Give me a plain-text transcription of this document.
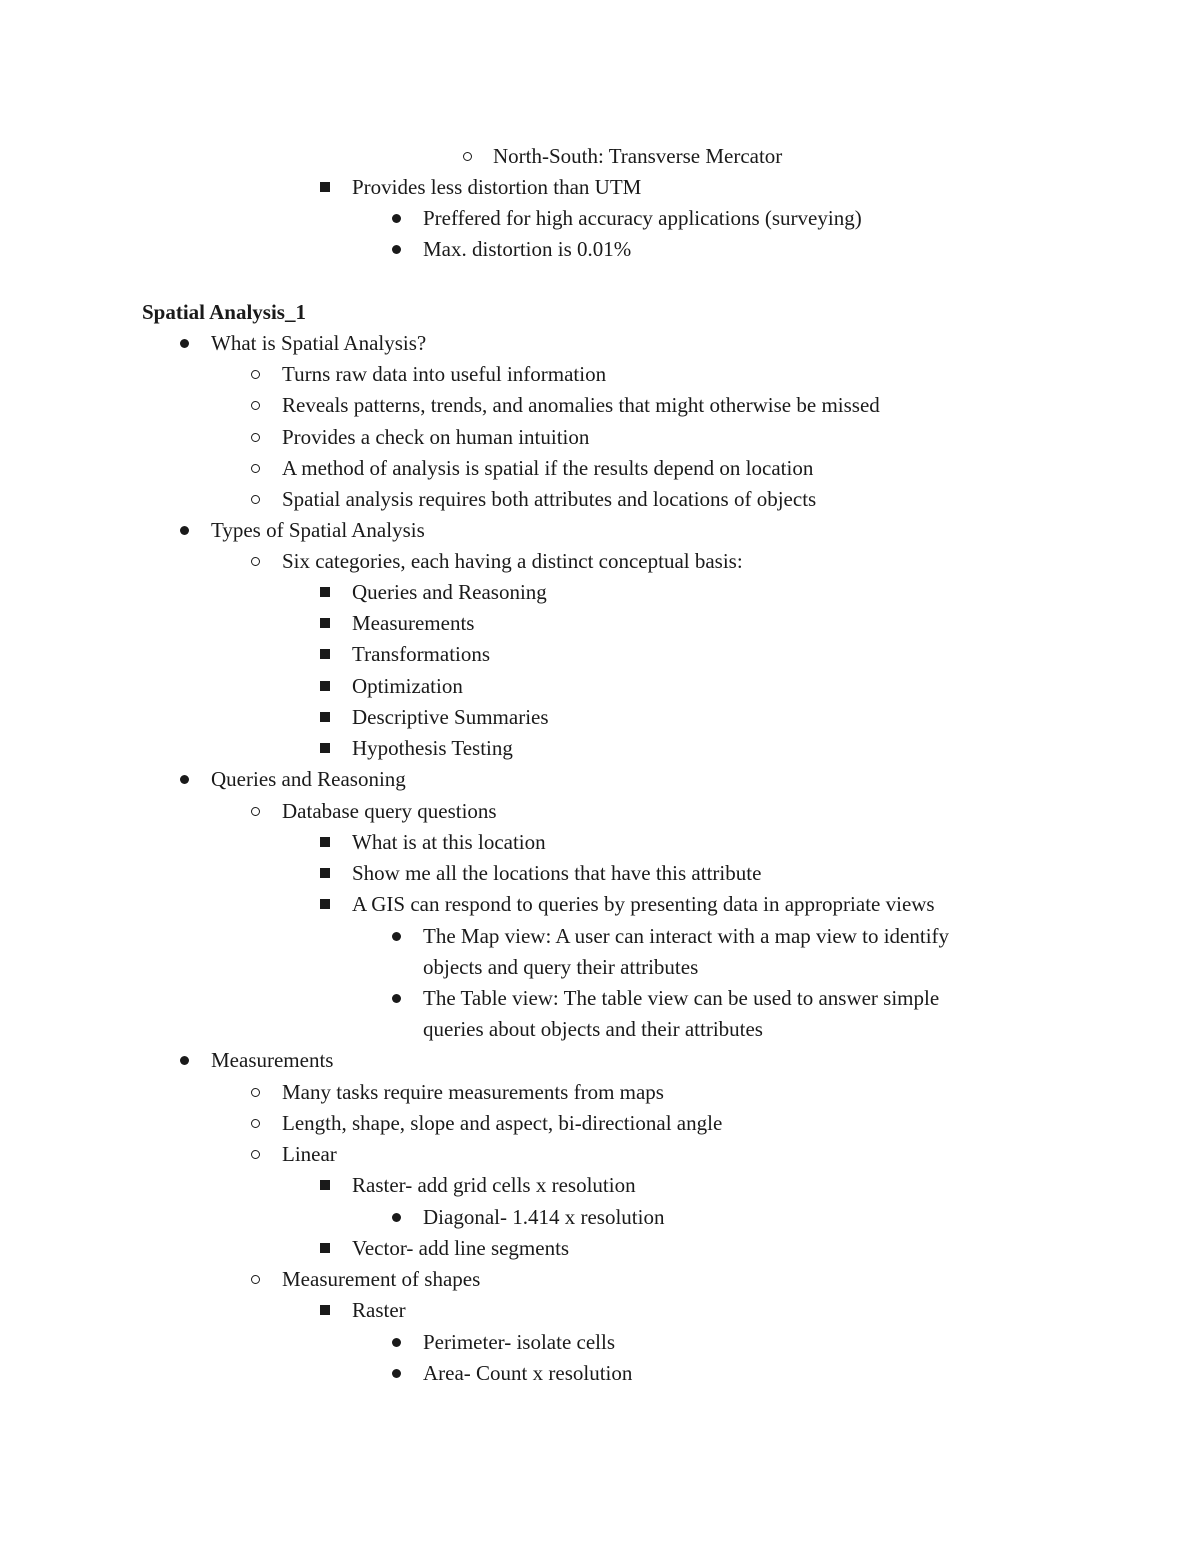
North-South: Transverse Mercator
Provides less distortion than UTM
Preffered for high accuracy applications (surveying)
Max. distortion is 0.01%
Spatial Analysis_1
What is Spatial Analysis?
Turns raw data into useful information
Reveals patterns, trends, and anomalies that might otherwise be missed
Provides a check on human intuition
A method of analysis is spatial if the results depend on location
Spatial analysis requires both attributes and locations of objects
Types of Spatial Analysis
Six categories, each having a distinct conceptual basis:
Queries and Reasoning
Measurements
Transformations
Optimization
Descriptive Summaries
Hypothesis Testing
Queries and Reasoning
Database query questions
What is at this location
Show me all the locations that have this attribute
A GIS can respond to queries by presenting data in appropriate views
The Map view: A user can interact with a map view to identify
objects and query their attributes
The Table view: The table view can be used to answer simple
queries about objects and their attributes
Measurements
Many tasks require measurements from maps
Length, shape, slope and aspect, bi-directional angle
Linear
Raster- add grid cells x resolution
Diagonal- 1.414 x resolution
Vector- add line segments
Measurement of shapes
Raster
Perimeter- isolate cells
Area- Count x resolution
